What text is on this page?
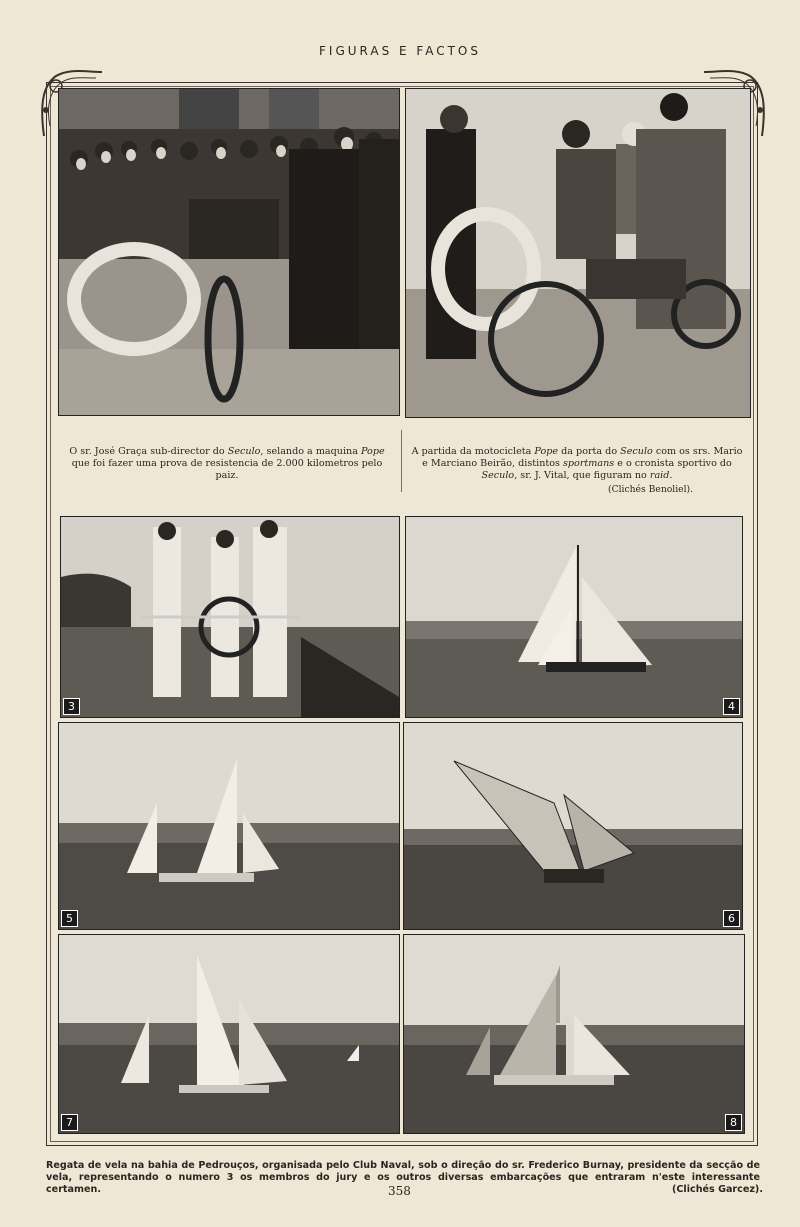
FIGURAS E FACTOS
O sr. José Graça sub-director do Seculo, selando a maquina Pope que foi fazer uma prova de resistencia de 2.000 kilometros pelo paiz.
A partida da motocicleta Pope da porta do Seculo com os srs. Mario e Marciano Beirão, distintos sportmans e o cronista sportivo do Seculo, sr. J. Vital, que figuram no raid.
(Clichés Benoliel).
3	4
5	6
7	8
Regata de vela na bahia de Pedrouços, organisada pelo Club Naval, sob o direção do sr. Frederico Burnay, presidente da secção de vela, representando o numero 3 os membros do jury e os outros diversas embarcações que entraram n'este interessante certamen.	358	(Clichés Garcez).
